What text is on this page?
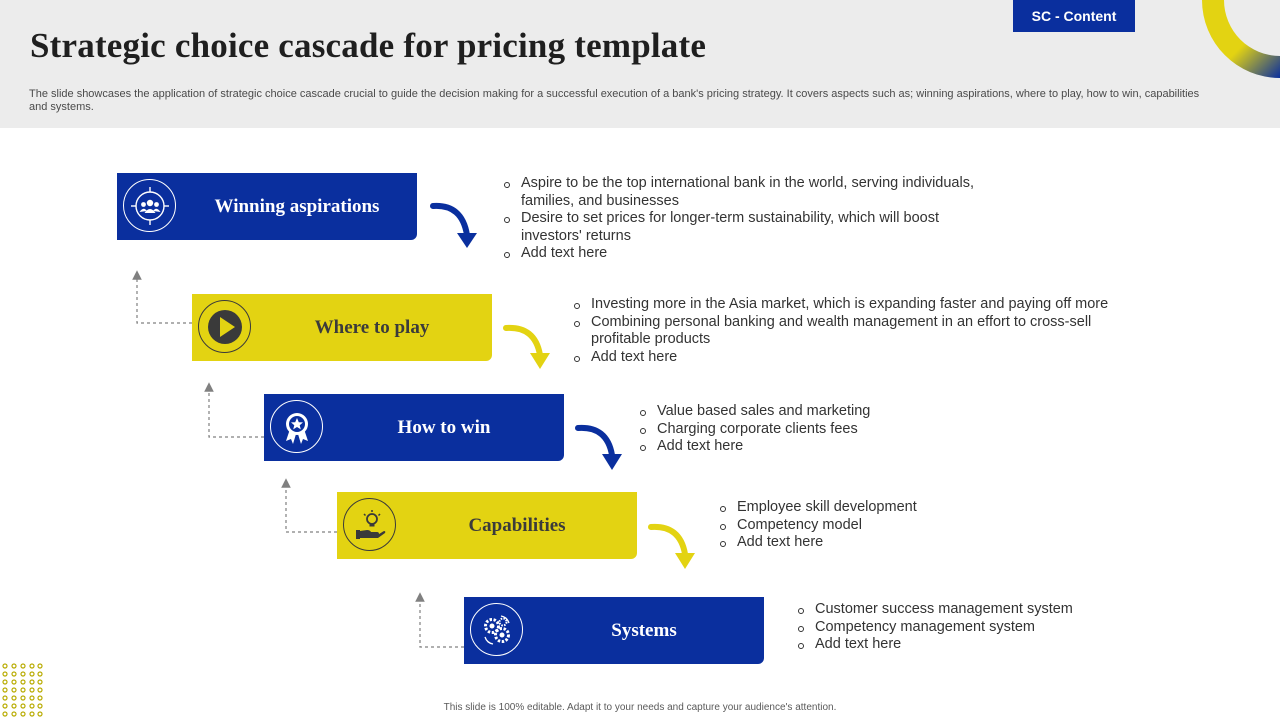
Strategic choice cascade for pricing template

The slide showcases the application of strategic choice cascade crucial to guide the decision making for a successful execution of a bank's pricing strategy. It covers aspects such as; winning aspirations, where to play, how to win, capabilities and systems.

SC - Content
Winning aspirations
Aspire to be the top international bank in the world, serving individuals, families, and businesses
Desire to set prices for longer-term sustainability, which will boost investors' returns
Add text here
Where to play
Investing more in the Asia market, which is expanding faster and paying off more
Combining personal banking and wealth management in an effort to cross-sell profitable products
Add text here
How to win
Value based sales and marketing
Charging corporate clients fees
Add text here
Capabilities
Employee skill development
Competency model
Add text here
Systems
Customer success management system
Competency management system
Add text here
This slide is 100% editable. Adapt it to your needs and capture your audience's attention.
